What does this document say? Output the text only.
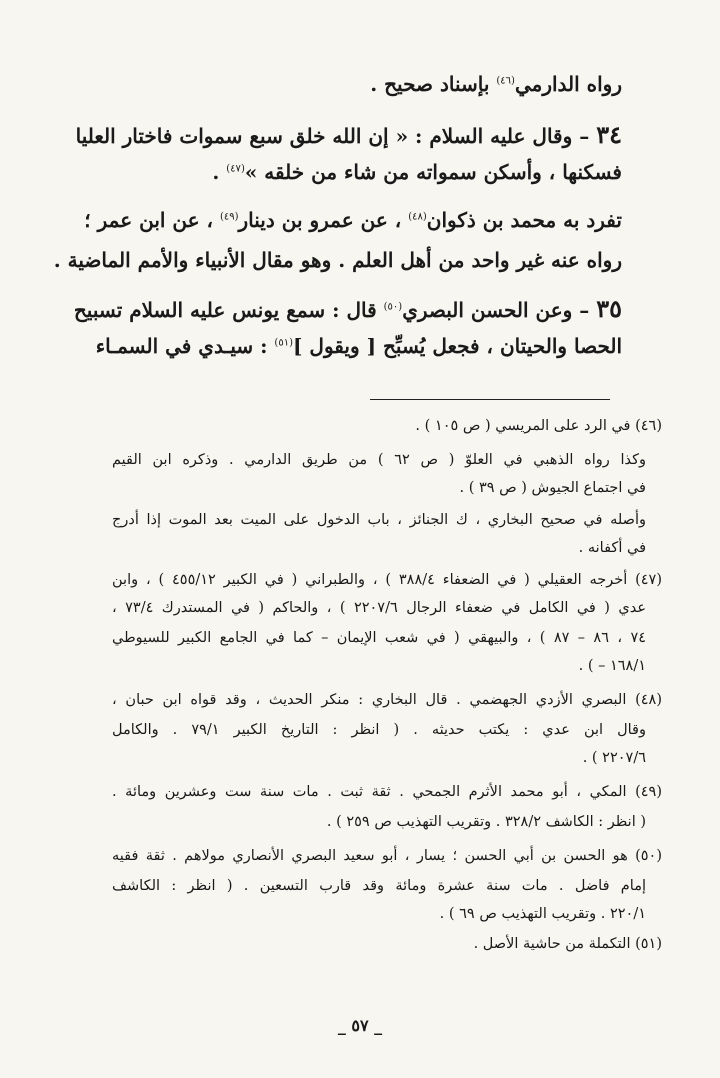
رواه الدارمي$^{(٤٦)}$ بإسناد صحيح .
٣٤ – وقال عليه السلام : « إن الله خلق سبع سموات فاختار العليا
فسكنها ، وأسكن سمواته من شاء من خلقه »$^{(٤٧)}$ .
تفرد به محمد بن ذكوان$^{(٤٨)}$ ، عن عمرو بن دينار$^{(٤٩)}$ ، عن ابن عمر ؛
رواه عنه غير واحد من أهل العلم . وهو مقال الأنبياء والأمم الماضية .
٣٥ – وعن الحسن البصري$^{(٥٠)}$ قال : سمع يونس عليه السلام تسبيح
الحصا والحيتان ، فجعل يُسبِّح [ ويقول ]$^{(٥١)}$ : سيـدي في السمـاء
(٤٦) في الرد على المريسي ( ص ١٠٥ ) .
وكذا رواه الذهبي في العلوّ ( ص ٦٢ ) من طريق الدارمي . وذكره ابن القيم
في اجتماع الجيوش ( ص ٣٩ ) .
وأصله في صحيح البخاري ، ك الجنائز ، باب الدخول على الميت بعد الموت إذا أدرج
في أكفانه .
(٤٧) أخرجه العقيلي ( في الضعفاء ٣٨٨/٤ ) ، والطبراني ( في الكبير ٤٥٥/١٢ ) ، وابن
عدي ( في الكامل في ضعفاء الرجال ٢٢٠٧/٦ ) ، والحاكم ( في المستدرك ٧٣/٤ ،
٧٤ ، ٨٦ – ٨٧ ) ، والبيهقي ( في شعب الإيمان – كما في الجامع الكبير للسيوطي
١٦٨/١ – ) .
(٤٨) البصري الأزدي الجهضمي . قال البخاري : منكر الحديث ، وقد قواه ابن حبان ،
وقال ابن عدي : يكتب حديثه . ( انظر : التاريخ الكبير ٧٩/١ . والكامل
٢٢٠٧/٦ ) .
(٤٩) المكي ، أبو محمد الأثرم الجمحي . ثقة ثبت . مات سنة ست وعشرين ومائة .
( انظر : الكاشف ٣٢٨/٢ . وتقريب التهذيب ص ٢٥٩ ) .
(٥٠) هو الحسن بن أبي الحسن ؛ يسار ، أبو سعيد البصري الأنصاري مولاهم . ثقة فقيه
إمام فاضل . مات سنة عشرة ومائة وقد قارب التسعين . ( انظر : الكاشف
٢٢٠/١ . وتقريب التهذيب ص ٦٩ ) .
(٥١) التكملة من حاشية الأصل .
_ ٥٧ _
